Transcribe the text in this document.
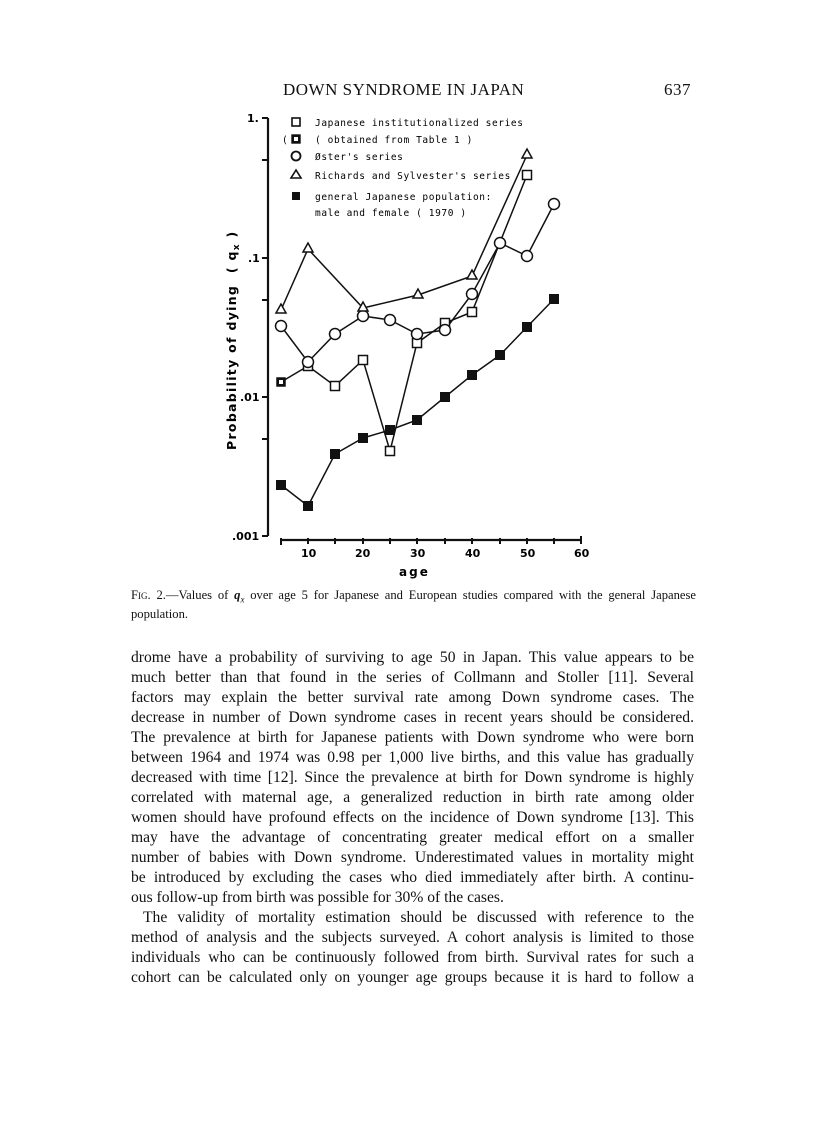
DOWN SYNDROME IN JAPAN	637
1.
.1
.01
.001
Probability of dying ( $q_x$ )
10	20	30	40	50	60
age
Japanese institutionalized series
(	( obtained from Table 1 )
Øster's series
Richards and Sylvester's series
general Japanese population:
male and female ( 1970 )
Fig. 2.—Values of $q_x$ over age 5 for Japanese and European studies compared with the general Japanese population.

drome have a probability of surviving to age 50 in Japan. This value appears to be

much better than that found in the series of Collmann and Stoller [11]. Several

factors may explain the better survival rate among Down syndrome cases. The

decrease in number of Down syndrome cases in recent years should be considered.

The prevalence at birth for Japanese patients with Down syndrome who were born

between 1964 and 1974 was 0.98 per 1,000 live births, and this value has gradually

decreased with time [12]. Since the prevalence at birth for Down syndrome is highly

correlated with maternal age, a generalized reduction in birth rate among older

women should have profound effects on the incidence of Down syndrome [13]. This

may have the advantage of concentrating greater medical effort on a smaller

number of babies with Down syndrome. Underestimated values in mortality might

be introduced by excluding the cases who died immediately after birth. A continu-

ous follow-up from birth was possible for 30% of the cases.

The validity of mortality estimation should be discussed with reference to the

method of analysis and the subjects surveyed. A cohort analysis is limited to those

individuals who can be continuously followed from birth. Survival rates for such a

cohort can be calculated only on younger age groups because it is hard to follow a
